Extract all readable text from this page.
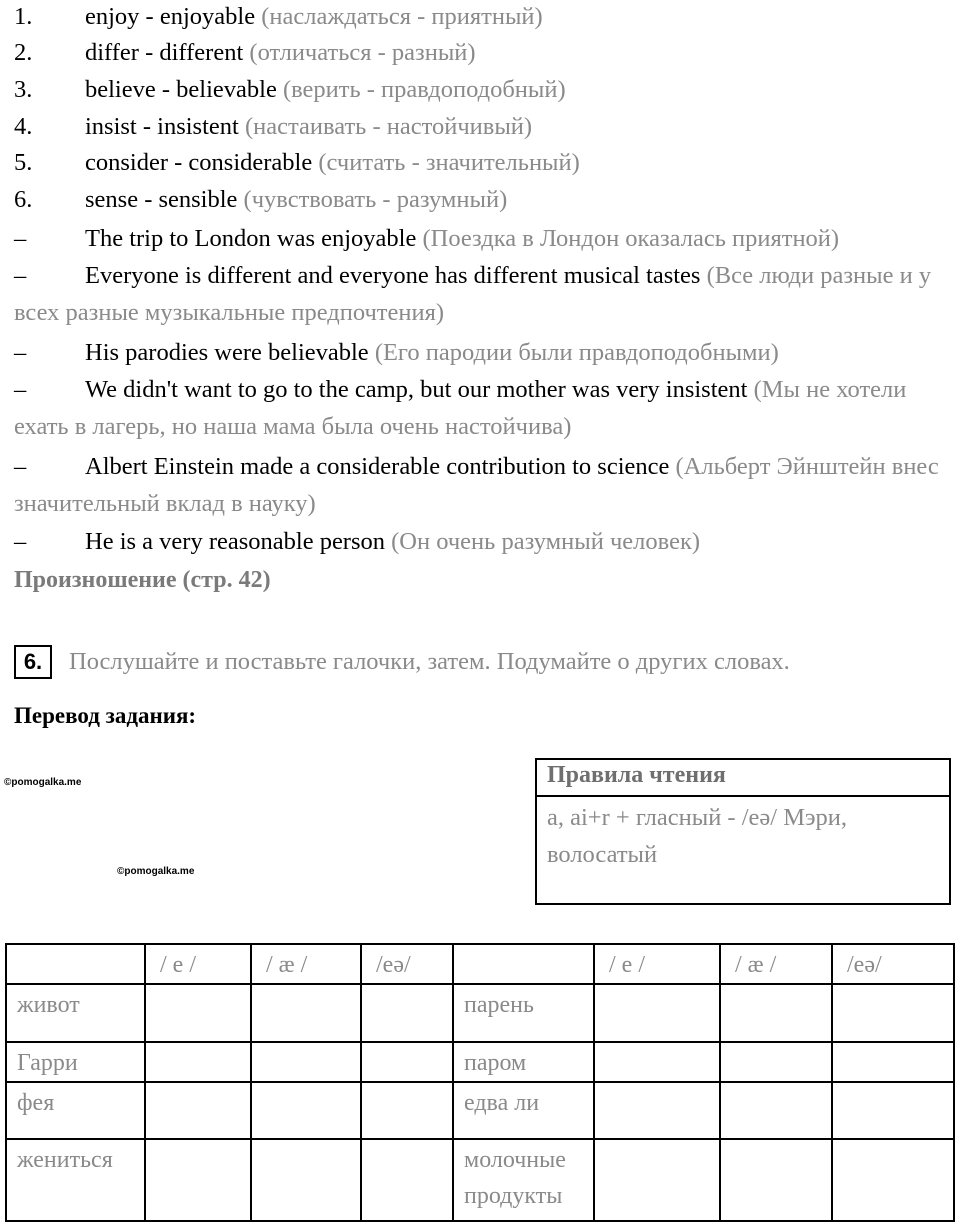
1. enjoy - enjoyable (наслаждаться - приятный)
2. differ - different (отличаться - разный)
3. believe - believable (верить - правдоподобный)
4. insist - insistent (настаивать - настойчивый)
5. consider - considerable (считать - значительный)
6. sense - sensible (чувствовать - разумный)
– The trip to London was enjoyable (Поездка в Лондон оказалась приятной)
– Everyone is different and everyone has different musical tastes (Все люди разные и у всех разные музыкальные предпочтения)
– His parodies were believable (Его пародии были правдоподобными)
– We didn't want to go to the camp, but our mother was very insistent (Мы не хотели ехать в лагерь, но наша мама была очень настойчива)
– Albert Einstein made a considerable contribution to science (Альберт Эйнштейн внес значительный вклад в науку)
– He is a very reasonable person (Он очень разумный человек)
Произношение (стр. 42)
6.	Послушайте и поставьте галочки, затем. Подумайте о других словах.
Перевод задания:
©pomogalka.me
©pomogalka.me
Правила чтения
a, ai+r + гласный - /eə/ Мэри, волосатый
	/ e /	/ æ /	/eə/		/ e /	/ æ /	/eə/
живот				парень			
Гарри				паром			
фея				едва ли			
жениться				молочные продукты			
